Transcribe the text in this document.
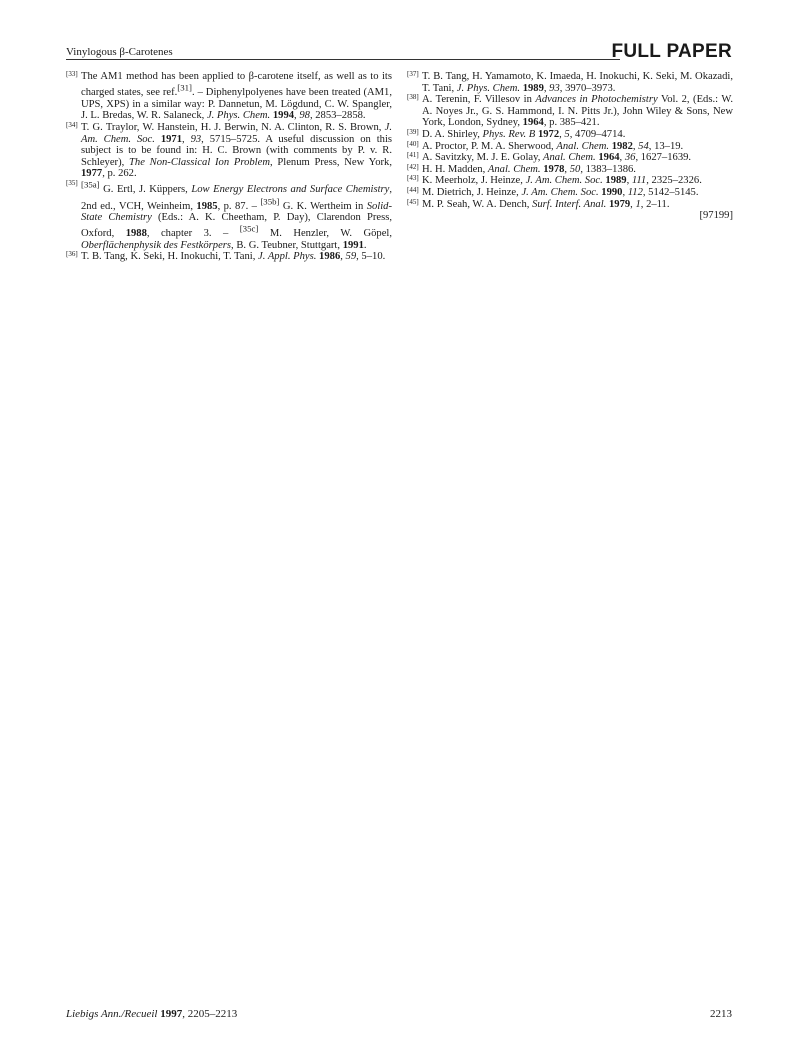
Vinylogous β-Carotenes	FULL PAPER

[33] The AM1 method has been applied to β-carotene itself, as well as to its charged states, see ref.[31]. – Diphenylpolyenes have been treated (AM1, UPS, XPS) in a similar way: P. Dannetun, M. Lögdund, C. W. Spangler, J. L. Bredas, W. R. Salaneck, J. Phys. Chem. 1994, 98, 2853–2858.

[34] T. G. Traylor, W. Hanstein, H. J. Berwin, N. A. Clinton, R. S. Brown, J. Am. Chem. Soc. 1971, 93, 5715–5725. A useful discussion on this subject is to be found in: H. C. Brown (with comments by P. v. R. Schleyer), The Non-Classical Ion Problem, Plenum Press, New York, 1977, p. 262.

[35] [35a] G. Ertl, J. Küppers, Low Energy Electrons and Surface Chemistry, 2nd ed., VCH, Weinheim, 1985, p. 87. – [35b] G. K. Wertheim in Solid-State Chemistry (Eds.: A. K. Cheetham, P. Day), Clarendon Press, Oxford, 1988, chapter 3. – [35c] M. Henzler, W. Göpel, Oberflächenphysik des Festkörpers, B. G. Teubner, Stuttgart, 1991.

[36] T. B. Tang, K. Seki, H. Inokuchi, T. Tani, J. Appl. Phys. 1986, 59, 5–10.

[37] T. B. Tang, H. Yamamoto, K. Imaeda, H. Inokuchi, K. Seki, M. Okazadi, T. Tani, J. Phys. Chem. 1989, 93, 3970–3973.

[38] A. Terenin, F. Villesov in Advances in Photochemistry Vol. 2, (Eds.: W. A. Noyes Jr., G. S. Hammond, I. N. Pitts Jr.), John Wiley & Sons, New York, London, Sydney, 1964, p. 385–421.

[39] D. A. Shirley, Phys. Rev. B 1972, 5, 4709–4714.

[40] A. Proctor, P. M. A. Sherwood, Anal. Chem. 1982, 54, 13–19.

[41] A. Savitzky, M. J. E. Golay, Anal. Chem. 1964, 36, 1627–1639.

[42] H. H. Madden, Anal. Chem. 1978, 50, 1383–1386.

[43] K. Meerholz, J. Heinze, J. Am. Chem. Soc. 1989, 111, 2325–2326.

[44] M. Dietrich, J. Heinze, J. Am. Chem. Soc. 1990, 112, 5142–5145.

[45] M. P. Seah, W. A. Dench, Surf. Interf. Anal. 1979, 1, 2–11.

[97199]
Liebigs Ann./Recueil 1997, 2205–2213	2213
